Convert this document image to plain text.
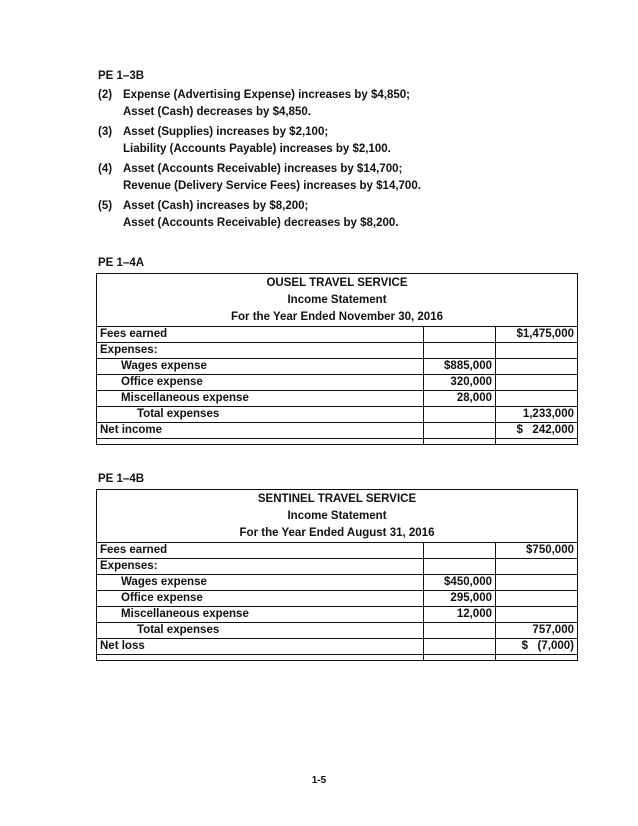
PE 1–3B
(2) Expense (Advertising Expense) increases by $4,850;
Asset (Cash) decreases by $4,850.
(3) Asset (Supplies) increases by $2,100;
Liability (Accounts Payable) increases by $2,100.
(4) Asset (Accounts Receivable) increases by $14,700;
Revenue (Delivery Service Fees) increases by $14,700.
(5) Asset (Cash) increases by $8,200;
Asset (Accounts Receivable) decreases by $8,200.
PE 1–4A
OUSEL TRAVEL SERVICE
Income Statement
For the Year Ended November 30, 2016
Fees earned		$1,475,000
Expenses:		
Wages expense	$885,000	
Office expense	320,000	
Miscellaneous expense	28,000	
Total expenses		1,233,000
Net income		$   242,000

PE 1–4B
SENTINEL TRAVEL SERVICE
Income Statement
For the Year Ended August 31, 2016
Fees earned		$750,000
Expenses:		
Wages expense	$450,000	
Office expense	295,000	
Miscellaneous expense	12,000	
Total expenses		757,000
Net loss		$   (7,000)

1-5
